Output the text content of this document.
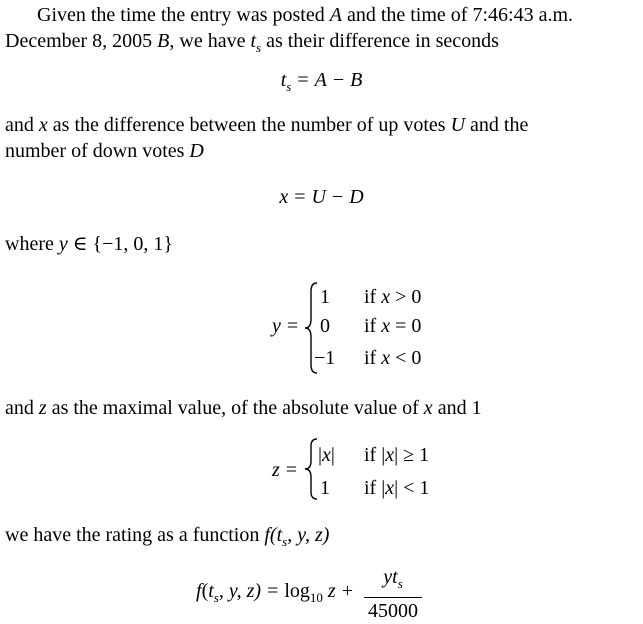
Given the time the entry was posted A and the time of 7:46:43 a.m.
December 8, 2005 B, we have $t_s$ as their difference in seconds
$t_s = A - B$
and x as the difference between the number of up votes U and the
number of down votes D
x = U − D
where y ∈ {−1, 0, 1}
y =
1 if x > 0
0 if x = 0
−1 if x < 0
and z as the maximal value, of the absolute value of x and 1
z =
|x| if |x| ≥ 1
1 if |x| < 1
we have the rating as a function $f(t_s$, y, z)
$f(t_s$, y, $z) = \log_{10} z + \frac{yt_s}{45000}$
